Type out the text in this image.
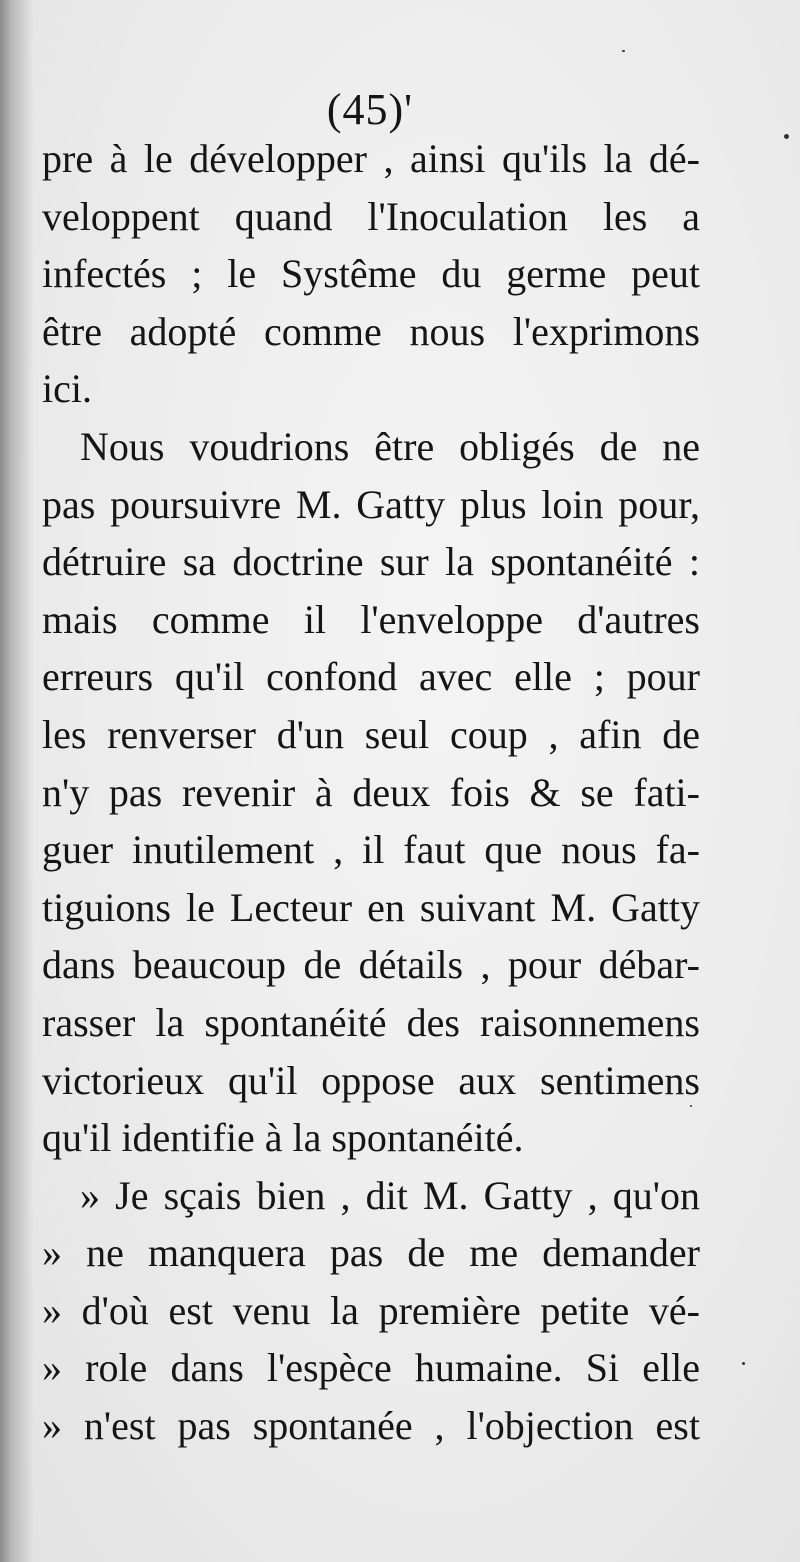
(45)'
pre à le développer , ainsi qu'ils la dé-
veloppent quand l'Inoculation les a
infectés ; le Systême du germe peut
être adopté comme nous l'exprimons
ici.
Nous voudrions être obligés de ne
pas poursuivre M. Gatty plus loin pour,
détruire sa doctrine sur la spontanéité :
mais comme il l'enveloppe d'autres
erreurs qu'il confond avec elle ; pour
les renverser d'un seul coup , afin de
n'y pas revenir à deux fois & se fati-
guer inutilement , il faut que nous fa-
tiguions le Lecteur en suivant M. Gatty
dans beaucoup de détails , pour débar-
rasser la spontanéité des raisonnemens
victorieux qu'il oppose aux sentimens
qu'il identifie à la spontanéité.
» Je sçais bien , dit M. Gatty , qu'on
» ne manquera pas de me demander
» d'où est venu la première petite vé-
» role dans l'espèce humaine. Si elle
» n'est pas spontanée , l'objection est
